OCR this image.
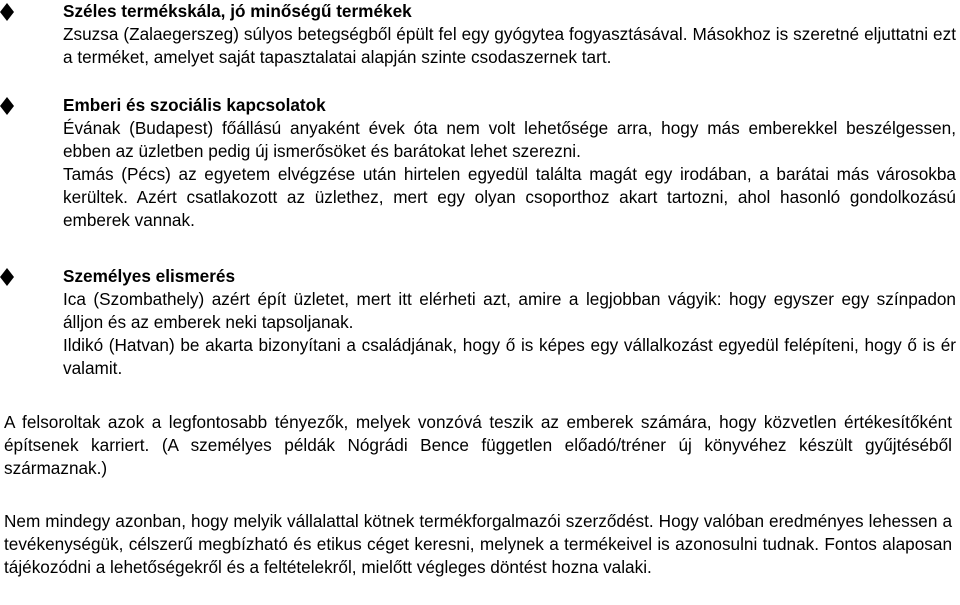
Széles termékskála, jó minőségű termékek
Zsuzsa (Zalaegerszeg) súlyos betegségből épült fel egy gyógytea fogyasztásával. Másokhoz is szeretné eljuttatni ezt a terméket, amelyet saját tapasztalatai alapján szinte csodaszernek tart.
Emberi és szociális kapcsolatok
Évának (Budapest) főállású anyaként évek óta nem volt lehetősége arra, hogy más emberekkel beszélgessen, ebben az üzletben pedig új ismerősöket és barátokat lehet szerezni.
Tamás (Pécs) az egyetem elvégzése után hirtelen egyedül találta magát egy irodában, a barátai más városokba kerültek. Azért csatlakozott az üzlethez, mert egy olyan csoporthoz akart tartozni, ahol hasonló gondolkozású emberek vannak.
Személyes elismerés
Ica (Szombathely) azért épít üzletet, mert itt elérheti azt, amire a legjobban vágyik: hogy egyszer egy színpadon álljon és az emberek neki tapsoljanak.
Ildikó (Hatvan) be akarta bizonyítani a családjának, hogy ő is képes egy vállalkozást egyedül felépíteni, hogy ő is ér valamit.
A felsoroltak azok a legfontosabb tényezők, melyek vonzóvá teszik az emberek számára, hogy közvetlen értékesítőként építsenek karriert. (A személyes példák Nógrádi Bence független előadó/tréner új könyvéhez készült gyűjtéséből származnak.)
Nem mindegy azonban, hogy melyik vállalattal kötnek termékforgalmazói szerződést. Hogy valóban eredményes lehessen a tevékenységük, célszerű megbízható és etikus céget keresni, melynek a termékeivel is azonosulni tudnak. Fontos alaposan tájékozódni a lehetőségekről és a feltételekről, mielőtt végleges döntést hozna valaki.
